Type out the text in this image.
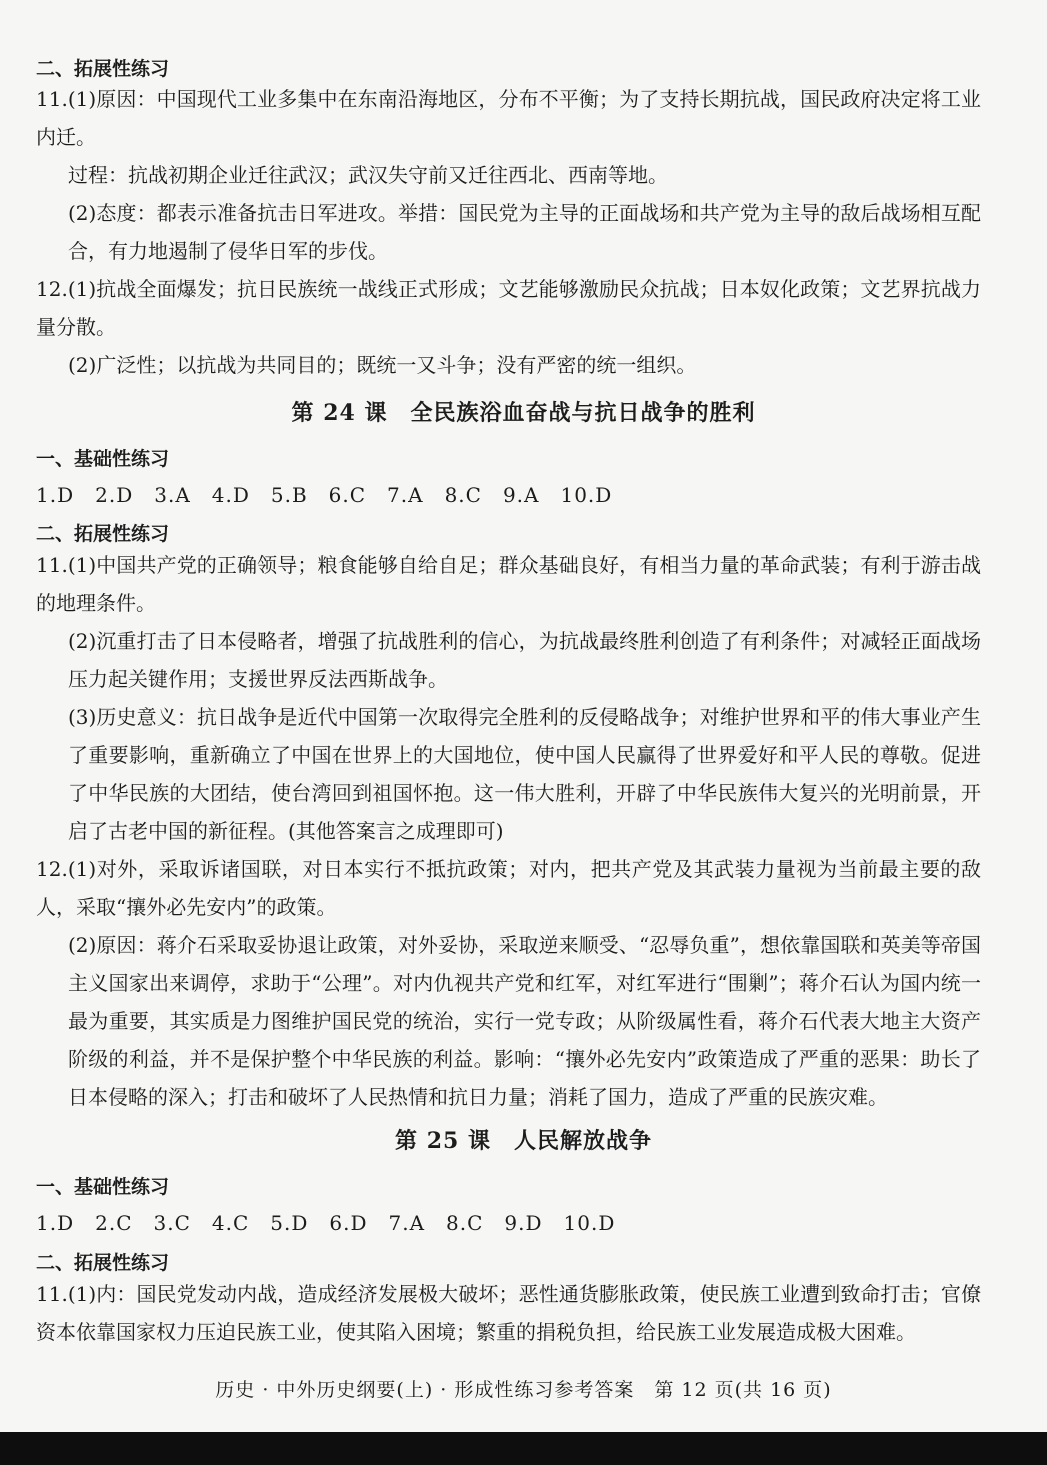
二、拓展性练习
11.(1)原因：中国现代工业多集中在东南沿海地区，分布不平衡；为了支持长期抗战，国民政府决定将工业内迁。
过程：抗战初期企业迁往武汉；武汉失守前又迁往西北、西南等地。
(2)态度：都表示准备抗击日军进攻。举措：国民党为主导的正面战场和共产党为主导的敌后战场相互配合，有力地遏制了侵华日军的步伐。
12.(1)抗战全面爆发；抗日民族统一战线正式形成；文艺能够激励民众抗战；日本奴化政策；文艺界抗战力量分散。
(2)广泛性；以抗战为共同目的；既统一又斗争；没有严密的统一组织。
第 24 课　全民族浴血奋战与抗日战争的胜利
一、基础性练习
1.D　2.D　3.A　4.D　5.B　6.C　7.A　8.C　9.A　10.D
二、拓展性练习
11.(1)中国共产党的正确领导；粮食能够自给自足；群众基础良好，有相当力量的革命武装；有利于游击战的地理条件。
(2)沉重打击了日本侵略者，增强了抗战胜利的信心，为抗战最终胜利创造了有利条件；对减轻正面战场压力起关键作用；支援世界反法西斯战争。
(3)历史意义：抗日战争是近代中国第一次取得完全胜利的反侵略战争；对维护世界和平的伟大事业产生了重要影响，重新确立了中国在世界上的大国地位，使中国人民赢得了世界爱好和平人民的尊敬。促进了中华民族的大团结，使台湾回到祖国怀抱。这一伟大胜利，开辟了中华民族伟大复兴的光明前景，开启了古老中国的新征程。(其他答案言之成理即可)
12.(1)对外，采取诉诸国联，对日本实行不抵抗政策；对内，把共产党及其武装力量视为当前最主要的敌人，采取“攘外必先安内”的政策。
(2)原因：蒋介石采取妥协退让政策，对外妥协，采取逆来顺受、“忍辱负重”，想依靠国联和英美等帝国主义国家出来调停，求助于“公理”。对内仇视共产党和红军，对红军进行“围剿”；蒋介石认为国内统一最为重要，其实质是力图维护国民党的统治，实行一党专政；从阶级属性看，蒋介石代表大地主大资产阶级的利益，并不是保护整个中华民族的利益。影响：“攘外必先安内”政策造成了严重的恶果：助长了日本侵略的深入；打击和破坏了人民热情和抗日力量；消耗了国力，造成了严重的民族灾难。
第 25 课　人民解放战争
一、基础性练习
1.D　2.C　3.C　4.C　5.D　6.D　7.A　8.C　9.D　10.D
二、拓展性练习
11.(1)内：国民党发动内战，造成经济发展极大破坏；恶性通货膨胀政策，使民族工业遭到致命打击；官僚资本依靠国家权力压迫民族工业，使其陷入困境；繁重的捐税负担，给民族工业发展造成极大困难。
历史 · 中外历史纲要(上) · 形成性练习参考答案　第 12 页(共 16 页)
